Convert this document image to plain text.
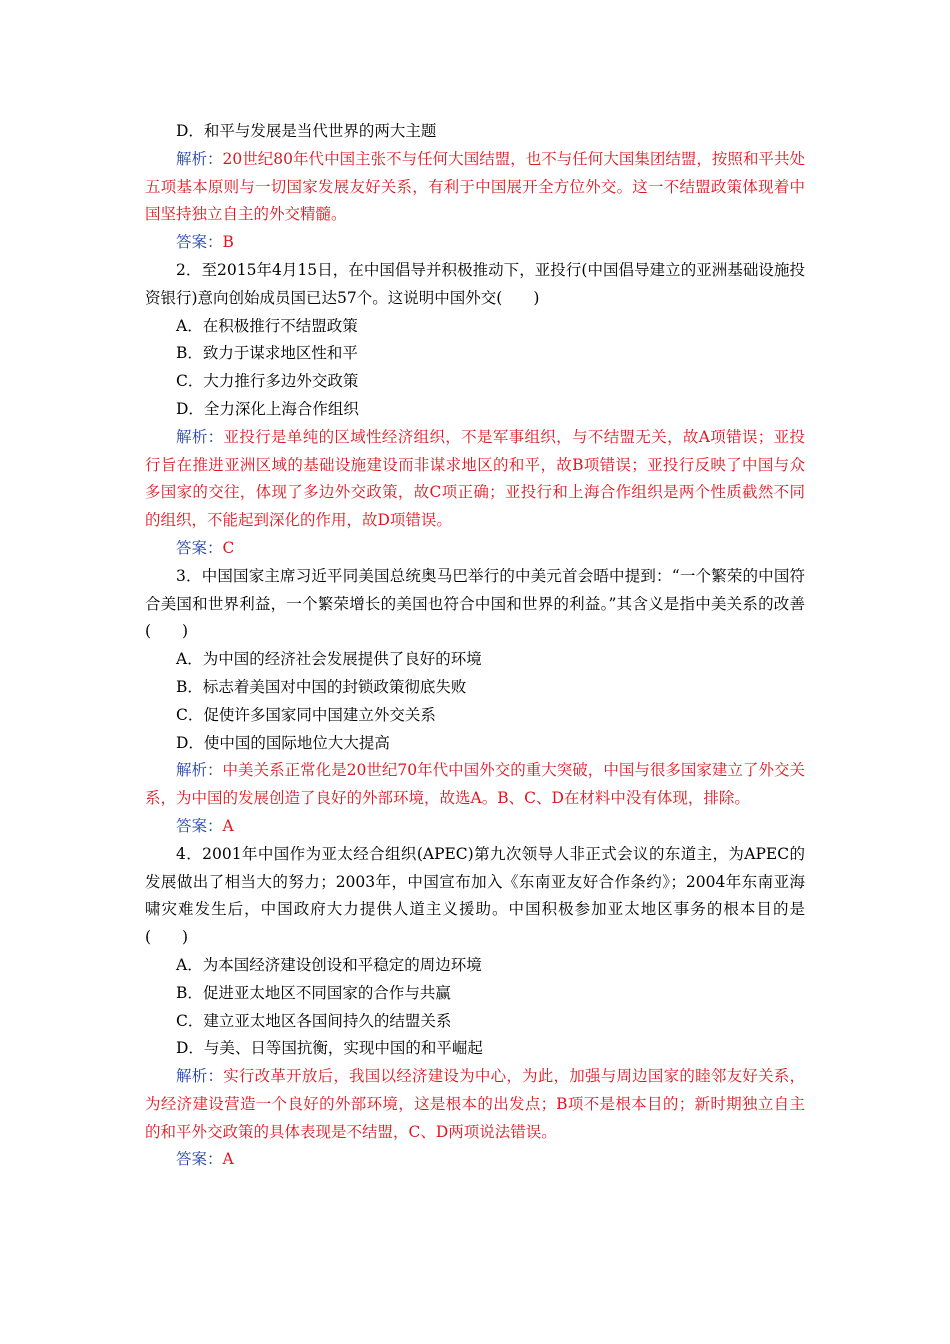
D．和平与发展是当代世界的两大主题

解析：20世纪80年代中国主张不与任何大国结盟，也不与任何大国集团结盟，按照和平共处五项基本原则与一切国家发展友好关系，有利于中国展开全方位外交。这一不结盟政策体现着中国坚持独立自主的外交精髓。

答案：B

2．至2015年4月15日，在中国倡导并积极推动下，亚投行(中国倡导建立的亚洲基础设施投资银行)意向创始成员国已达57个。这说明中国外交(　　)

A．在积极推行不结盟政策

B．致力于谋求地区性和平

C．大力推行多边外交政策

D．全力深化上海合作组织

解析：亚投行是单纯的区域性经济组织，不是军事组织，与不结盟无关，故A项错误；亚投行旨在推进亚洲区域的基础设施建设而非谋求地区的和平，故B项错误；亚投行反映了中国与众多国家的交往，体现了多边外交政策，故C项正确；亚投行和上海合作组织是两个性质截然不同的组织，不能起到深化的作用，故D项错误。

答案：C

3．中国国家主席习近平同美国总统奥马巴举行的中美元首会晤中提到：“一个繁荣的中国符合美国和世界利益，一个繁荣增长的美国也符合中国和世界的利益。”其含义是指中美关系的改善(　　)

A．为中国的经济社会发展提供了良好的环境

B．标志着美国对中国的封锁政策彻底失败

C．促使许多国家同中国建立外交关系

D．使中国的国际地位大大提高

解析：中美关系正常化是20世纪70年代中国外交的重大突破，中国与很多国家建立了外交关系，为中国的发展创造了良好的外部环境，故选A。B、C、D在材料中没有体现，排除。

答案：A

4．2001年中国作为亚太经合组织(APEC)第九次领导人非正式会议的东道主，为APEC的发展做出了相当大的努力；2003年，中国宣布加入《东南亚友好合作条约》；2004年东南亚海啸灾难发生后，中国政府大力提供人道主义援助。中国积极参加亚太地区事务的根本目的是(　　)

A．为本国经济建设创设和平稳定的周边环境

B．促进亚太地区不同国家的合作与共赢

C．建立亚太地区各国间持久的结盟关系

D．与美、日等国抗衡，实现中国的和平崛起

解析：实行改革开放后，我国以经济建设为中心，为此，加强与周边国家的睦邻友好关系，为经济建设营造一个良好的外部环境，这是根本的出发点；B项不是根本目的；新时期独立自主的和平外交政策的具体表现是不结盟，C、D两项说法错误。

答案：A
